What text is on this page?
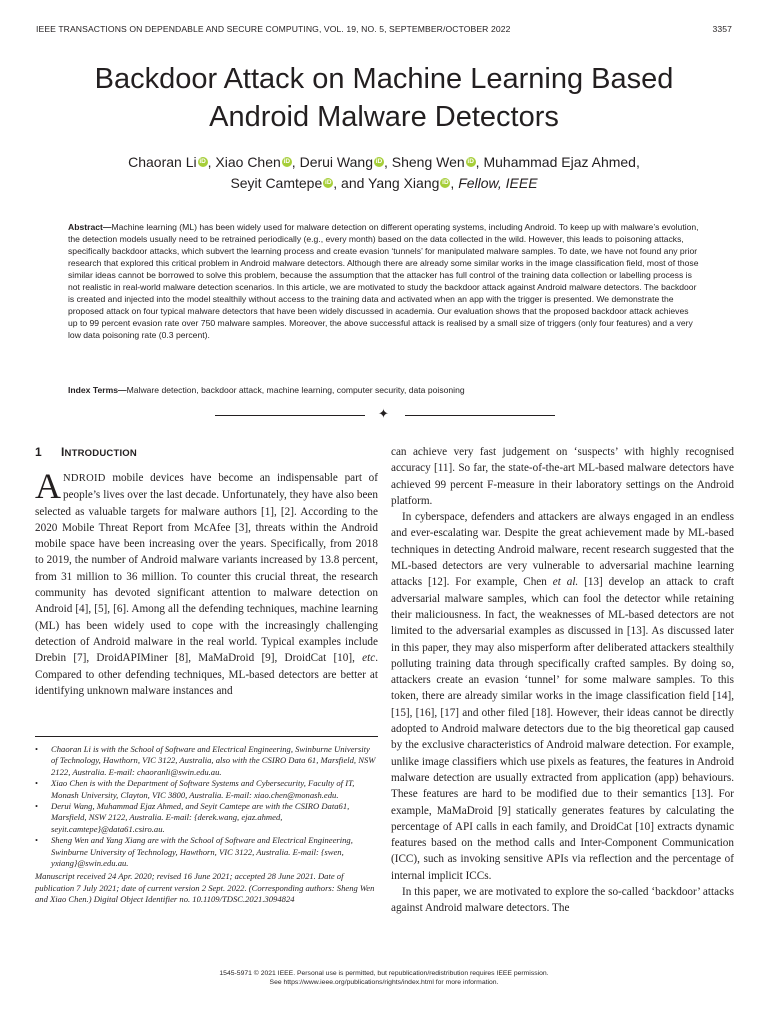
IEEE TRANSACTIONS ON DEPENDABLE AND SECURE COMPUTING, VOL. 19, NO. 5, SEPTEMBER/OCTOBER 2022	3357
Backdoor Attack on Machine Learning Based
Android Malware Detectors
Chaoran Li iD , Xiao Chen iD , Derui Wang iD , Sheng Wen iD , Muhammad Ejaz Ahmed,
Seyit Camtepe iD , and Yang Xiang iD , Fellow, IEEE
Abstract—Machine learning (ML) has been widely used for malware detection on different operating systems, including Android. To keep up with malware’s evolution, the detection models usually need to be retrained periodically (e.g., every month) based on the data collected in the wild. However, this leads to poisoning attacks, specifically backdoor attacks, which subvert the learning process and create evasion ‘tunnels’ for manipulated malware samples. To date, we have not found any prior research that explored this critical problem in Android malware detectors. Although there are already some similar works in the image classification field, most of those similar ideas cannot be borrowed to solve this problem, because the assumption that the attacker has full control of the training data collection or labelling process is not realistic in real-world malware detection scenarios. In this article, we are motivated to study the backdoor attack against Android malware detectors. The backdoor is created and injected into the model stealthily without access to the training data and activated when an app with the trigger is presented. We demonstrate the proposed attack on four typical malware detectors that have been widely discussed in academia. Our evaluation shows that the proposed backdoor attack achieves up to 99 percent evasion rate over 750 malware samples. Moreover, the above successful attack is realised by a small size of triggers (only four features) and a very low data poisoning rate (0.3 percent).
Index Terms—Malware detection, backdoor attack, machine learning, computer security, data poisoning
✦
1 INTRODUCTION

ANDROID mobile devices have become an indispensable part of people’s lives over the last decade. Unfortunately, they have also been selected as valuable targets for malware authors [1], [2]. According to the 2020 Mobile Threat Report from McAfee [3], threats within the Android mobile space have been increasing over the years. Specifically, from 2018 to 2019, the number of Android malware variants increased by 13.8 percent, from 31 million to 36 million. To counter this crucial threat, the research community has devoted significant attention to malware detection on Android [4], [5], [6]. Among all the defending techniques, machine learning (ML) has been widely used to cope with the increasingly challenging detection of Android malware in the real world. Typical examples include Drebin [7], DroidAPIMiner [8], MaMaDroid [9], DroidCat [10], etc. Compared to other defending techniques, ML-based detectors are better at identifying unknown malware instances and

• Chaoran Li is with the School of Software and Electrical Engineering, Swinburne University of Technology, Hawthorn, VIC 3122, Australia, also with the CSIRO Data 61, Marsfield, NSW 2122, Australia. E-mail: chaoranli@swin.edu.au.
• Xiao Chen is with the Department of Software Systems and Cybersecurity, Faculty of IT, Monash University, Clayton, VIC 3800, Australia. E-mail: xiao.chen@monash.edu.
• Derui Wang, Muhammad Ejaz Ahmed, and Seyit Camtepe are with the CSIRO Data61, Marsfield, NSW 2122, Australia. E-mail: {derek.wang, ejaz.ahmed, seyit.camtepe}@data61.csiro.au.
• Sheng Wen and Yang Xiang are with the School of Software and Electrical Engineering, Swinburne University of Technology, Hawthorn, VIC 3122, Australia. E-mail: {swen, yxiang}@swin.edu.au.

Manuscript received 24 Apr. 2020; revised 16 June 2021; accepted 28 June 2021. Date of publication 7 July 2021; date of current version 2 Sept. 2022. (Corresponding authors: Sheng Wen and Xiao Chen.) Digital Object Identifier no. 10.1109/TDSC.2021.3094824

can achieve very fast judgement on ‘suspects’ with highly recognised accuracy [11]. So far, the state-of-the-art ML-based malware detectors have achieved 99 percent F-measure in their laboratory settings on the Android platform.

In cyberspace, defenders and attackers are always engaged in an endless and ever-escalating war. Despite the great achievement made by ML-based techniques in detecting Android malware, recent research suggested that the ML-based detectors are very vulnerable to adversarial machine learning attacks [12]. For example, Chen et al. [13] develop an attack to craft adversarial malware samples, which can fool the detector while retaining their maliciousness. In fact, the weaknesses of ML-based detectors are not limited to the adversarial examples as discussed in [13]. As discussed later in this paper, they may also misperform after deliberated attackers stealthily polluting training data through specifically crafted samples. By doing so, attackers create an evasion ‘tunnel’ for some malware samples. To this token, there are already similar works in the image classification field [14], [15], [16], [17] and other filed [18]. However, their ideas cannot be directly adopted to Android malware detectors due to the big theoretical gap caused by the exclusive characteristics of Android malware detection. For example, unlike image classifiers which use pixels as features, the features in Android malware detection are usually extracted from application (app) behaviours. These features are hard to be modified due to their semantics [13]. For example, MaMaDroid [9] statically generates features by calculating the percentage of API calls in each family, and DroidCat [10] extracts dynamic features based on the method calls and Inter-Component Communication (ICC), such as invoking sensitive APIs via reflection and the percentage of internal implicit ICCs.

In this paper, we are motivated to explore the so-called ‘backdoor’ attacks against Android malware detectors. The

1545-5971 © 2021 IEEE. Personal use is permitted, but republication/redistribution requires IEEE permission.
See https://www.ieee.org/publications/rights/index.html for more information.
